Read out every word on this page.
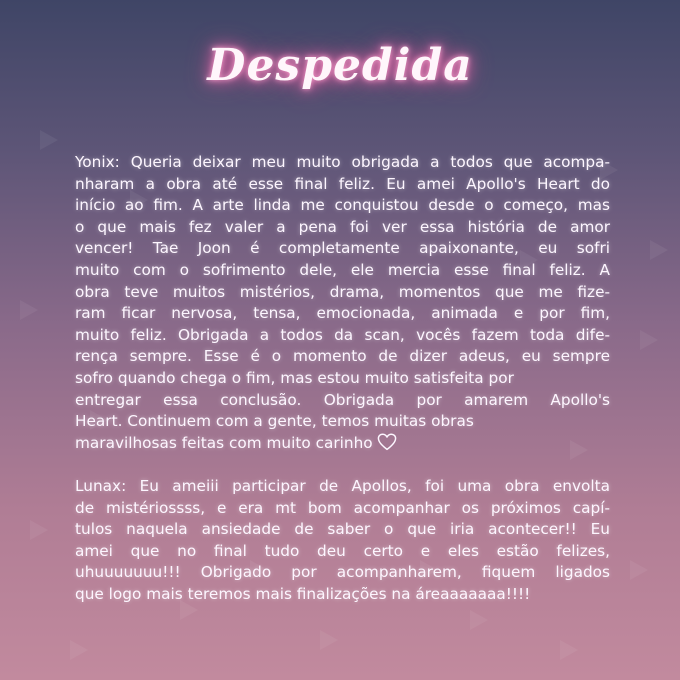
Despedida
Yonix: Queria deixar meu muito obrigada a todos que acompa-
nharam a obra até esse final feliz. Eu amei Apollo's Heart do
início ao fim. A arte linda me conquistou desde o começo, mas
o que mais fez valer a pena foi ver essa história de amor
vencer! Tae Joon é completamente apaixonante, eu sofri
muito com o sofrimento dele, ele mercia esse final feliz. A
obra teve muitos mistérios, drama, momentos que me fize-
ram ficar nervosa, tensa, emocionada, animada e por fim,
muito feliz. Obrigada a todos da scan, vocês fazem toda dife-
rença sempre. Esse é o momento de dizer adeus, eu sempre
sofro quando chega o fim, mas estou muito satisfeita por
entregar essa conclusão. Obrigada por amarem Apollo's
Heart. Continuem com a gente, temos muitas obras
maravilhosas feitas com muito carinho
Lunax: Eu ameiii participar de Apollos, foi uma obra envolta
de mistériossss, e era mt bom acompanhar os próximos capí-
tulos naquela ansiedade de saber o que iria acontecer!! Eu
amei que no final tudo deu certo e eles estão felizes,
uhuuuuuuu!!! Obrigado por acompanharem, fiquem ligados
que logo mais teremos mais finalizações na áreaaaaaaa!!!!
